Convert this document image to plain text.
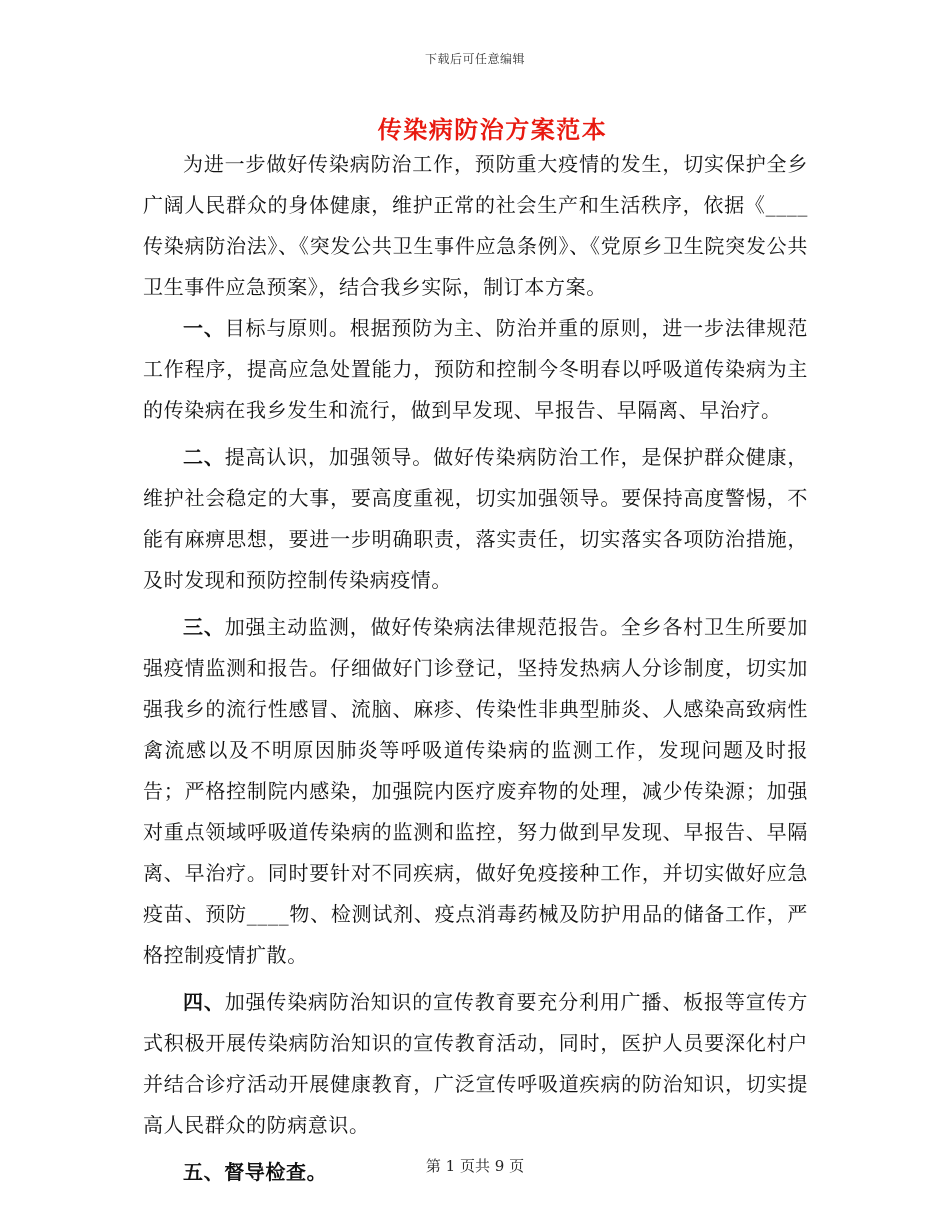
下载后可任意编辑
传染病防治方案范本

为进一步做好传染病防治工作，预防重大疫情的发生，切实保护全乡广阔人民群众的身体健康，维护正常的社会生产和生活秩序，依据《____传染病防治法》、《突发公共卫生事件应急条例》、《党原乡卫生院突发公共卫生事件应急预案》，结合我乡实际，制订本方案。

一、目标与原则。根据预防为主、防治并重的原则，进一步法律规范工作程序，提高应急处置能力，预防和控制今冬明春以呼吸道传染病为主的传染病在我乡发生和流行，做到早发现、早报告、早隔离、早治疗。

二、提高认识，加强领导。做好传染病防治工作，是保护群众健康，维护社会稳定的大事，要高度重视，切实加强领导。要保持高度警惕，不能有麻痹思想，要进一步明确职责，落实责任，切实落实各项防治措施，及时发现和预防控制传染病疫情。

三、加强主动监测，做好传染病法律规范报告。全乡各村卫生所要加强疫情监测和报告。仔细做好门诊登记，坚持发热病人分诊制度，切实加强我乡的流行性感冒、流脑、麻疹、传染性非典型肺炎、人感染高致病性禽流感以及不明原因肺炎等呼吸道传染病的监测工作，发现问题及时报告；严格控制院内感染，加强院内医疗废弃物的处理，减少传染源；加强对重点领域呼吸道传染病的监测和监控，努力做到早发现、早报告、早隔离、早治疗。同时要针对不同疾病，做好免疫接种工作，并切实做好应急疫苗、预防____物、检测试剂、疫点消毒药械及防护用品的储备工作，严格控制疫情扩散。

四、加强传染病防治知识的宣传教育要充分利用广播、板报等宣传方式积极开展传染病防治知识的宣传教育活动，同时，医护人员要深化村户并结合诊疗活动开展健康教育，广泛宣传呼吸道疾病的防治知识，切实提高人民群众的防病意识。

五、督导检查。	第 1 页共 9 页
